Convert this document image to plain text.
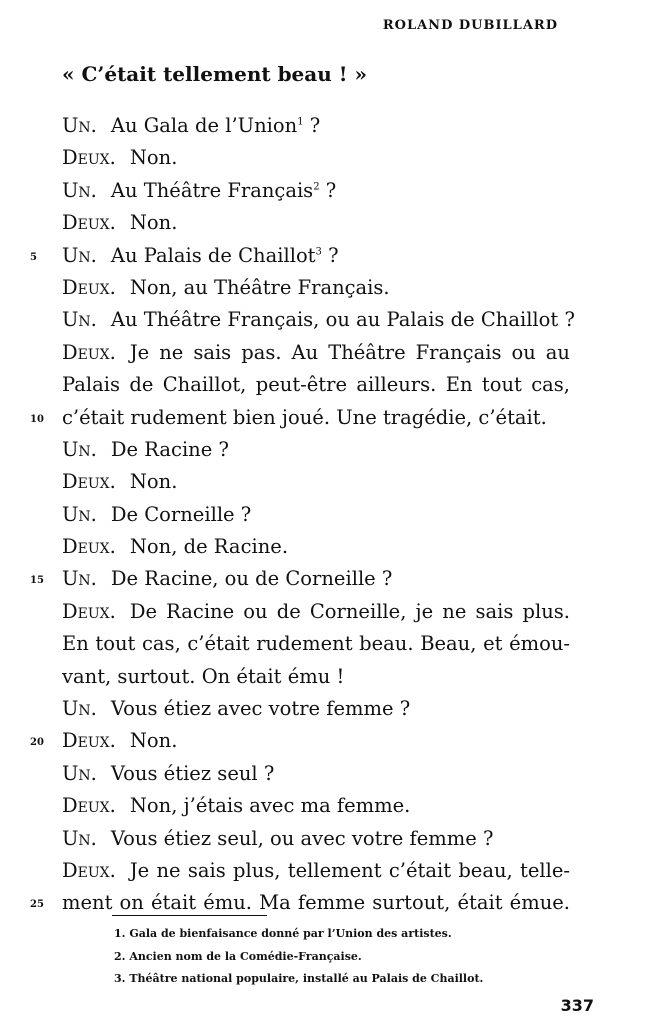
ROLAND DUBILLARD
« C’était tellement beau ! »
Un. Au Gala de l’Union$^1$ ?
Deux. Non.
Un. Au Théâtre Français$^2$ ?
Deux. Non.
5 Un. Au Palais de Chaillot$^3$ ?
Deux. Non, au Théâtre Français.
Un. Au Théâtre Français, ou au Palais de Chaillot ?
Deux. Je ne sais pas. Au Théâtre Français ou au
Palais de Chaillot, peut-être ailleurs. En tout cas,
10 c’était rudement bien joué. Une tragédie, c’était.
Un. De Racine ?
Deux. Non.
Un. De Corneille ?
Deux. Non, de Racine.
15 Un. De Racine, ou de Corneille ?
Deux. De Racine ou de Corneille, je ne sais plus.
En tout cas, c’était rudement beau. Beau, et émou-
vant, surtout. On était ému !
Un. Vous étiez avec votre femme ?
20 Deux. Non.
Un. Vous étiez seul ?
Deux. Non, j’étais avec ma femme.
Un. Vous étiez seul, ou avec votre femme ?
Deux. Je ne sais plus, tellement c’était beau, telle-
25 ment on était ému. Ma femme surtout, était émue.
1. Gala de bienfaisance donné par l’Union des artistes.
2. Ancien nom de la Comédie-Française.
3. Théâtre national populaire, installé au Palais de Chaillot.
337
